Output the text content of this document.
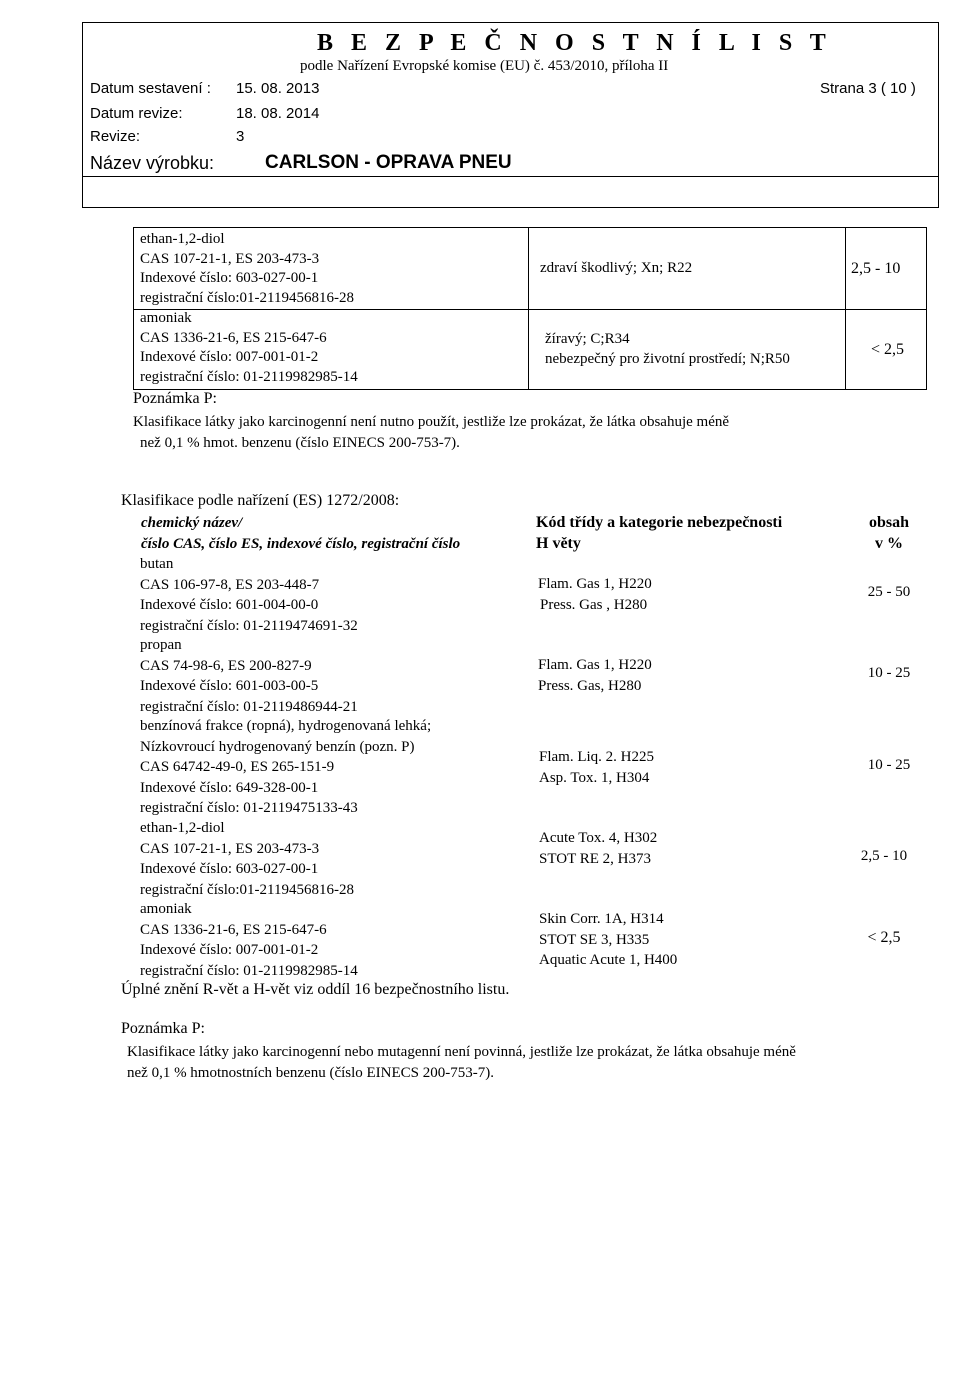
B E Z P E Č N O S T N Í L I S T
podle Nařízení Evropské komise (EU) č. 453/2010, příloha II
Datum sestavení : 15. 08. 2013	Strana 3 ( 10 )
Datum revize:	18. 08. 2014
Revize:	3
Název výrobku:	CARLSON - OPRAVA PNEU
ethan-1,2-diol
CAS 107-21-1, ES 203-473-3
Indexové číslo: 603-027-00-1
registrační číslo:01-2119456816-28
zdraví škodlivý; Xn; R22	2,5 - 10
amoniak
CAS 1336-21-6, ES 215-647-6
Indexové číslo: 007-001-01-2
registrační číslo: 01-2119982985-14
žíravý; C;R34
nebezpečný pro životní prostředí; N;R50
< 2,5
Poznámka P:
Klasifikace látky jako karcinogenní není nutno použít, jestliže lze prokázat, že látka obsahuje méně
než 0,1 % hmot. benzenu (číslo EINECS 200-753-7).
Klasifikace podle nařízení (ES) 1272/2008:
chemický název/
číslo CAS, číslo ES, indexové číslo, registrační číslo
Kód třídy a kategorie nebezpečnosti
H věty
obsah
v %
butan
CAS 106-97-8, ES 203-448-7
Indexové číslo: 601-004-00-0
registrační číslo: 01-2119474691-32
Flam. Gas 1, H220
Press. Gas , H280
25 - 50
propan
CAS 74-98-6, ES 200-827-9
Indexové číslo: 601-003-00-5
registrační číslo: 01-2119486944-21
Flam. Gas 1, H220
Press. Gas, H280
10 - 25
benzínová frakce (ropná), hydrogenovaná lehká;
Nízkovroucí hydrogenovaný benzín (pozn. P)
CAS 64742-49-0, ES 265-151-9
Indexové číslo: 649-328-00-1
registrační číslo: 01-2119475133-43
Flam. Liq. 2. H225
Asp. Tox. 1, H304
10 - 25
ethan-1,2-diol
CAS 107-21-1, ES 203-473-3
Indexové číslo: 603-027-00-1
registrační číslo:01-2119456816-28
Acute Tox. 4, H302
STOT RE 2, H373	2,5 - 10
amoniak
CAS 1336-21-6, ES 215-647-6
Indexové číslo: 007-001-01-2
registrační číslo: 01-2119982985-14
Skin Corr. 1A, H314
STOT SE 3, H335
Aquatic Acute 1, H400
< 2,5
Úplné znění R-vět a H-vět viz oddíl 16 bezpečnostního listu.
Poznámka P:
Klasifikace látky jako karcinogenní nebo mutagenní není povinná, jestliže lze prokázat, že látka obsahuje méně
než 0,1 % hmotnostních benzenu (číslo EINECS 200-753-7).
